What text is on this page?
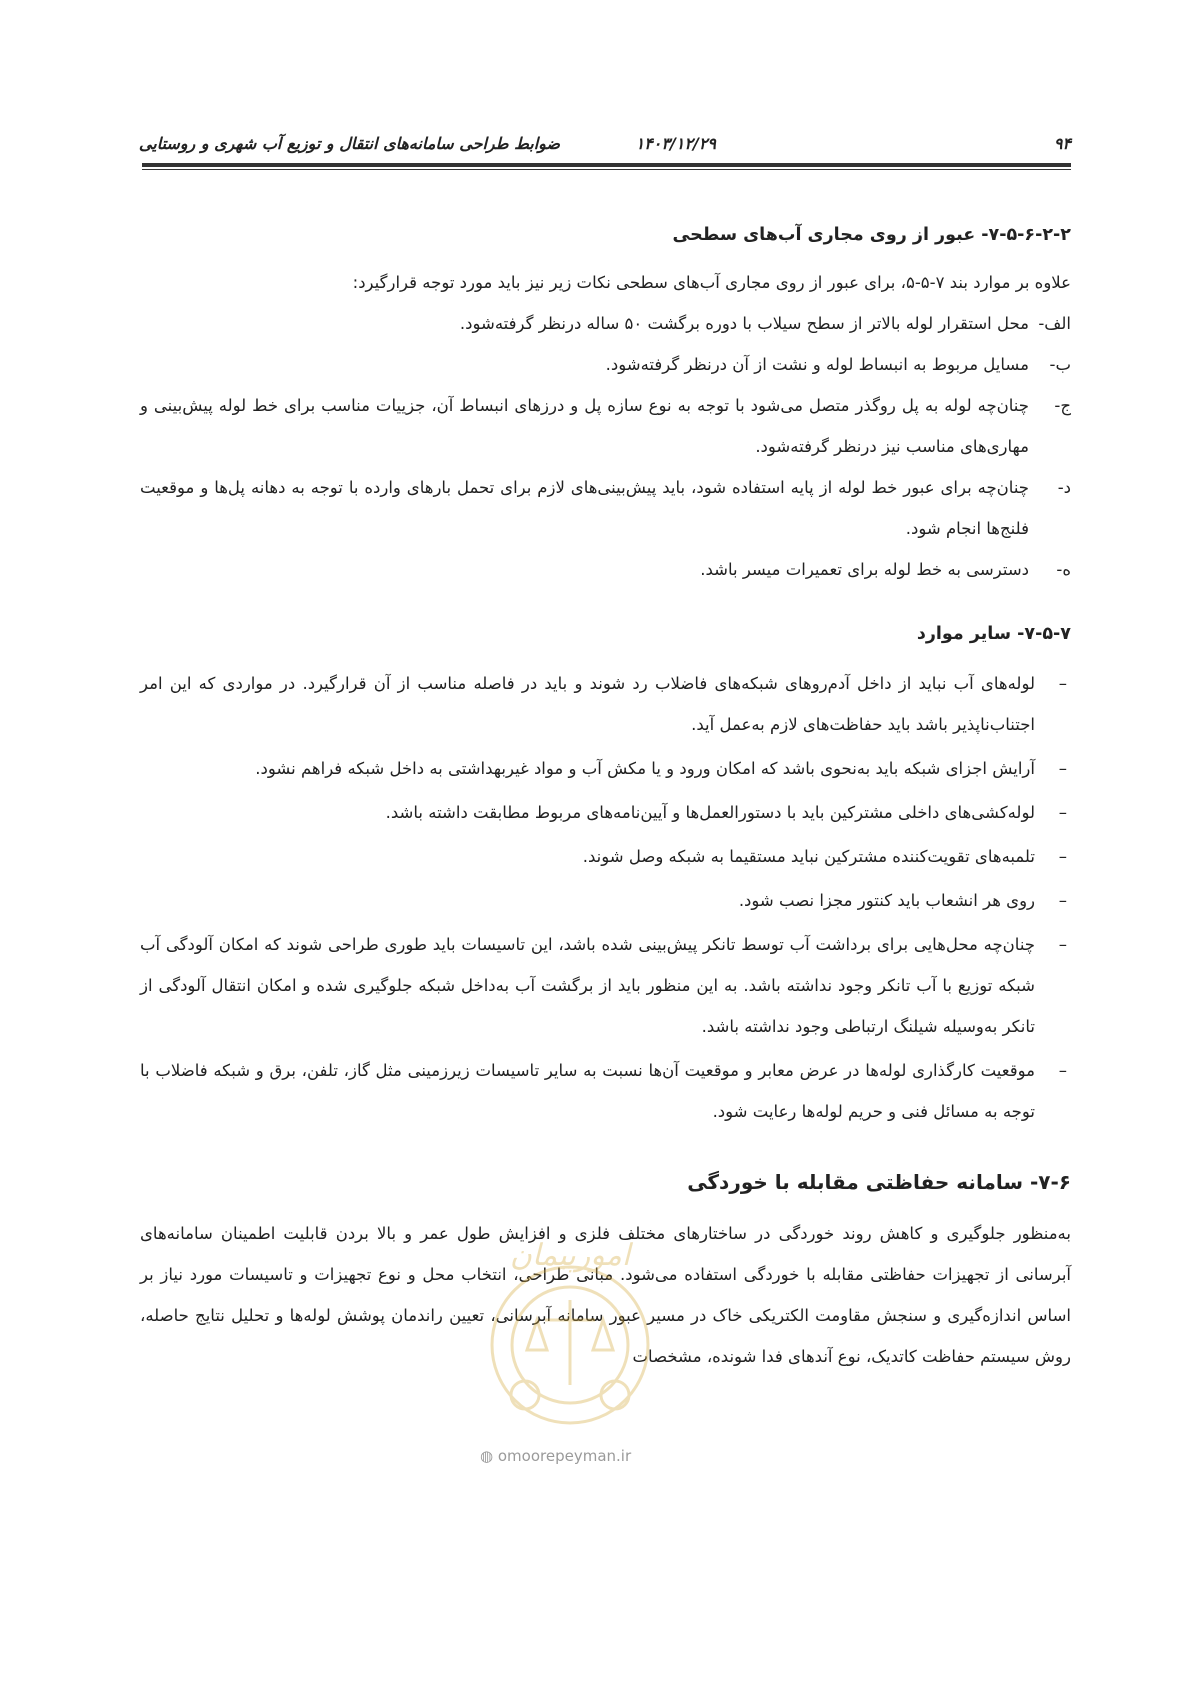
ضوابط طراحی سامانه‌های انتقال و توزیع آب شهری و روستایی	۱۴۰۳/۱۲/۲۹	۹۴
۷-۵-۶-۲-۲- عبور از روی مجاری آب‌های سطحی

علاوه بر موارد بند ۷-۵-۵، برای عبور از روی مجاری آب‌های سطحی نکات زیر نیز باید مورد توجه قرارگیرد:

الف-
محل استقرار لوله بالاتر از سطح سیلاب با دوره برگشت ۵۰ ساله درنظر گرفته‌شود.
ب-
مسایل مربوط به انبساط لوله و نشت از آن درنظر گرفته‌شود.
ج-
چنان‌چه لوله به پل روگذر متصل می‌شود با توجه به نوع سازه پل و درزهای انبساط آن، جزییات مناسب برای خط لوله پیش‌بینی و مهاری‌های مناسب نیز درنظر گرفته‌شود.
د-
چنان‌چه برای عبور خط لوله از پایه استفاده شود، باید پیش‌بینی‌های لازم برای تحمل بارهای وارده با توجه به دهانه پل‌ها و موقعیت فلنج‌ها انجام شود.
ه-
دسترسی به خط لوله برای تعمیرات میسر باشد.
۷-۵-۷- سایر موارد
–
لوله‌های آب نباید از داخل آدم‌روهای شبکه‌های فاضلاب رد شوند و باید در فاصله مناسب از آن قرارگیرد. در مواردی که این امر اجتناب‌ناپذیر باشد باید حفاظت‌های لازم به‌عمل آید.
–
آرایش اجزای شبکه باید به‌نحوی باشد که امکان ورود و یا مکش آب و مواد غیربهداشتی به داخل شبکه فراهم نشود.
–
لوله‌کشی‌های داخلی مشترکین باید با دستورالعمل‌ها و آیین‌نامه‌های مربوط مطابقت داشته باشد.
–
تلمبه‌های تقویت‌کننده مشترکین نباید مستقیما به شبکه وصل شوند.
–
روی هر انشعاب باید کنتور مجزا نصب شود.
–
چنان‌چه محل‌هایی برای برداشت آب توسط تانکر پیش‌بینی شده باشد، این تاسیسات باید طوری طراحی شوند که امکان آلودگی آب شبکه توزیع با آب تانکر وجود نداشته باشد. به این منظور باید از برگشت آب به‌داخل شبکه جلوگیری شده و امکان انتقال آلودگی از تانکر به‌وسیله شیلنگ ارتباطی وجود نداشته باشد.
–
موقعیت کارگذاری لوله‌ها در عرض معابر و موقعیت آن‌ها نسبت به سایر تاسیسات زیرزمینی مثل گاز، تلفن، برق و شبکه فاضلاب با توجه به مسائل فنی و حریم لوله‌ها رعایت شود.
۷-۶- سامانه حفاظتی مقابله با خوردگی

به‌منظور جلوگیری و کاهش روند خوردگی در ساختارهای مختلف فلزی و افزایش طول عمر و بالا بردن قابلیت اطمینان سامانه‌های آبرسانی از تجهیزات حفاظتی مقابله با خوردگی استفاده می‌شود. مبانی طراحی، انتخاب محل و نوع تجهیزات و تاسیسات مورد نیاز بر اساس اندازه‌گیری و سنجش مقاومت الکتریکی خاک در مسیر عبور سامانه آبرسانی، تعیین راندمان پوشش لوله‌ها و تحلیل نتایج حاصله، روش سیستم حفاظت کاتدیک، نوع آندهای فدا شونده، مشخصات

امورپیمان
◍ omoorepeyman.ir
